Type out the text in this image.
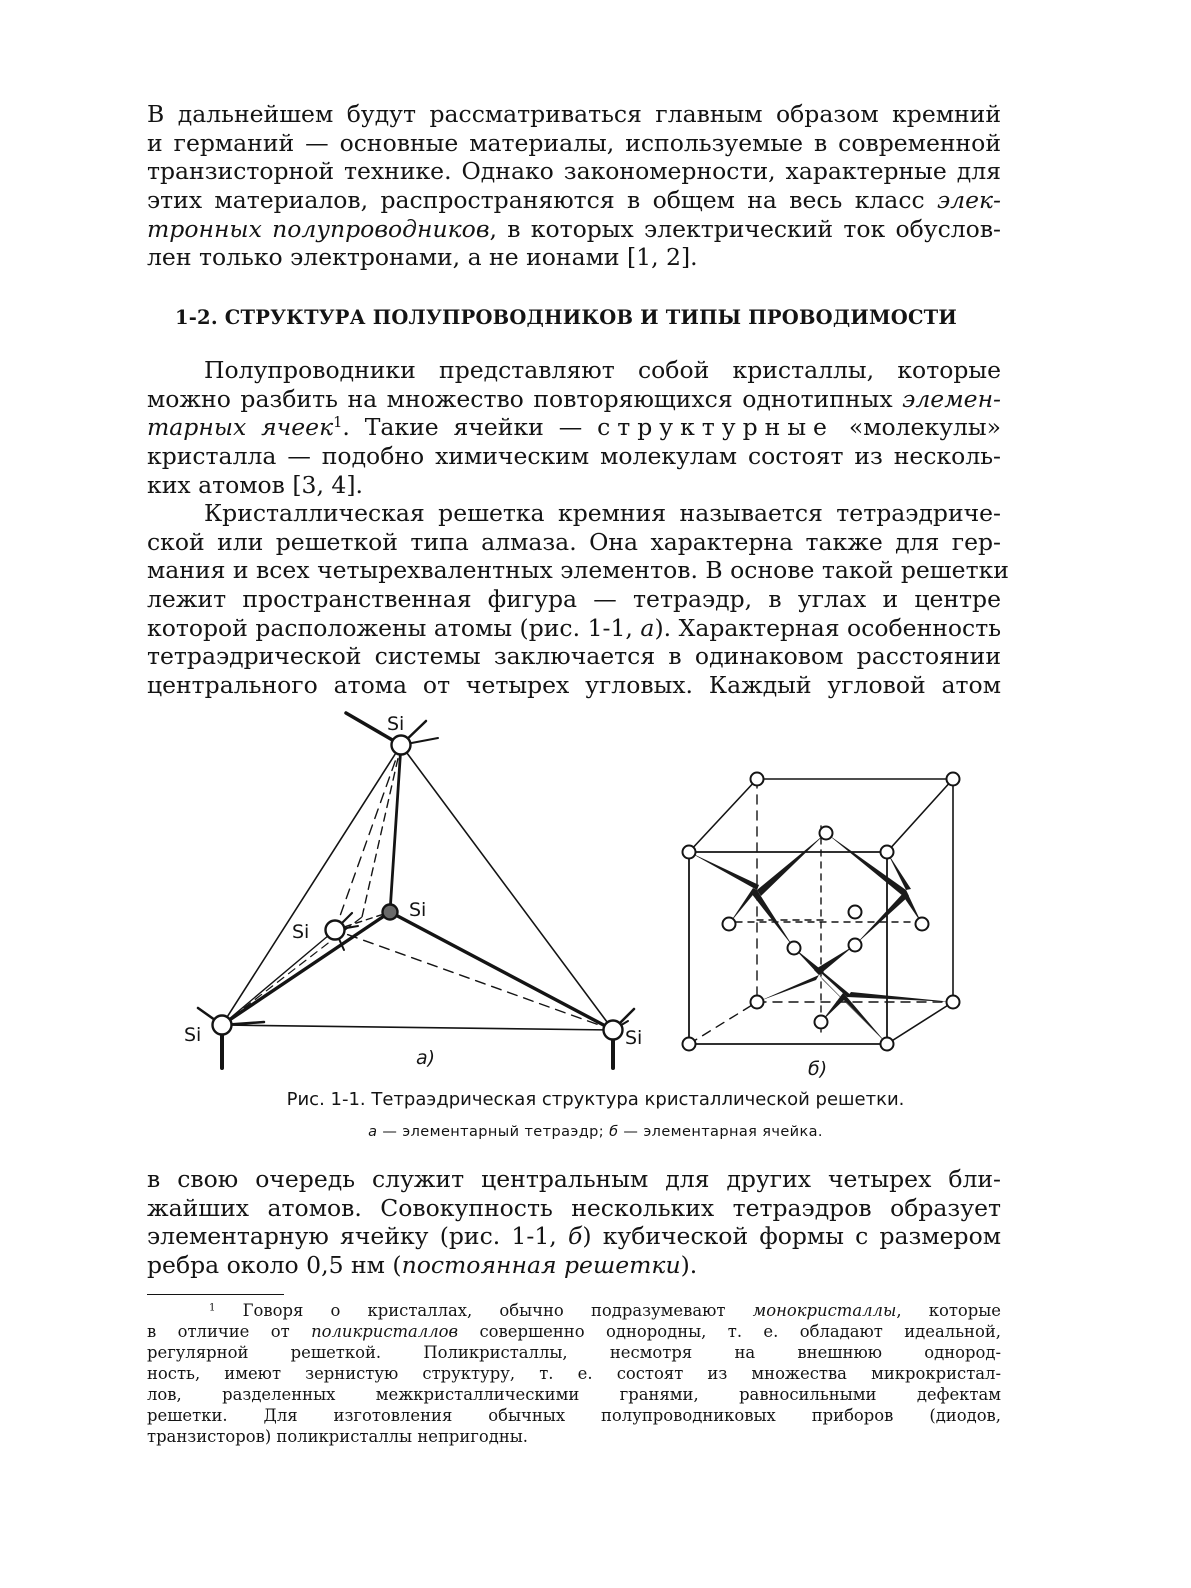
В дальнейшем будут рассматриваться главным образом кремний
и германий — основные материалы, используемые в современной
транзисторной технике. Однако закономерности, характерные для
этих материалов, распространяются в общем на весь класс элек-
тронных полупроводников, в которых электрический ток обуслов-
лен только электронами, а не ионами [1, 2].
1-2. СТРУКТУРА ПОЛУПРОВОДНИКОВ И ТИПЫ ПРОВОДИМОСТИ
Полупроводники представляют собой кристаллы, которые
можно разбить на множество повторяющихся однотипных элемен-
тарных ячеек$^1$. Такие ячейки — структурные «молекулы»
кристалла — подобно химическим молекулам состоят из несколь-
ких атомов [3, 4].
Кристаллическая решетка кремния называется тетраэдриче-
ской или решеткой типа алмаза. Она характерна также для гер-
мания и всех четырехвалентных элементов. В основе такой решетки
лежит пространственная фигура — тетраэдр, в углах и центре
которой расположены атомы (рис. 1-1, а). Характерная особенность
тетраэдрической системы заключается в одинаковом расстоянии
центрального атома от четырех угловых. Каждый угловой атом
Si
Si
Si
Si	Si
а)	б)
Рис. 1-1. Тетраэдрическая структура кристаллической решетки.
а — элементарный тетраэдр; б — элементарная ячейка.
в свою очередь служит центральным для других четырех бли-
жайших атомов. Совокупность нескольких тетраэдров образует
элементарную ячейку (рис. 1-1, б) кубической формы с размером
ребра около 0,5 нм (постоянная решетки).
$^1$ Говоря о кристаллах, обычно подразумевают монокристаллы, которые
в отличие от поликристаллов совершенно однородны, т. е. обладают идеальной,
регулярной решеткой. Поликристаллы, несмотря на внешнюю однород-
ность, имеют зернистую структуру, т. е. состоят из множества микрокристал-
лов, разделенных межкристаллическими гранями, равносильными дефектам
решетки. Для изготовления обычных полупроводниковых приборов (диодов,
транзисторов) поликристаллы непригодны.
